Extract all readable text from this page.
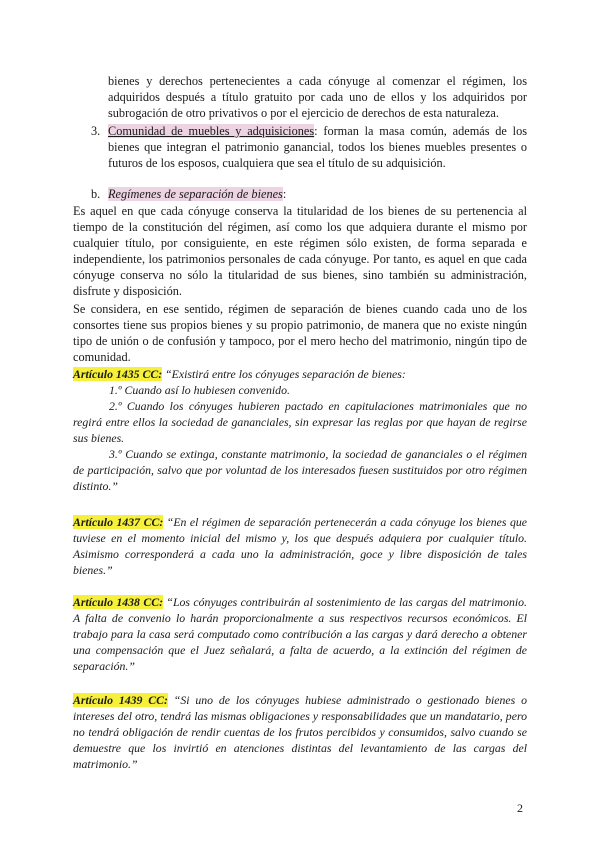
bienes y derechos pertenecientes a cada cónyuge al comenzar el régimen, los adquiridos después a título gratuito por cada uno de ellos y los adquiridos por subrogación de otro privativos o por el ejercicio de derechos de esta naturaleza.
3. Comunidad de muebles y adquisiciones: forman la masa común, además de los bienes que integran el patrimonio ganancial, todos los bienes muebles presentes o futuros de los esposos, cualquiera que sea el título de su adquisición.
b. Regímenes de separación de bienes:
Es aquel en que cada cónyuge conserva la titularidad de los bienes de su pertenencia al tiempo de la constitución del régimen, así como los que adquiera durante el mismo por cualquier título, por consiguiente, en este régimen sólo existen, de forma separada e independiente, los patrimonios personales de cada cónyuge. Por tanto, es aquel en que cada cónyuge conserva no sólo la titularidad de sus bienes, sino también su administración, disfrute y disposición.
Se considera, en ese sentido, régimen de separación de bienes cuando cada uno de los consortes tiene sus propios bienes y su propio patrimonio, de manera que no existe ningún tipo de unión o de confusión y tampoco, por el mero hecho del matrimonio, ningún tipo de comunidad.
Artículo 1435 CC: “Existirá entre los cónyuges separación de bienes:
1.º Cuando así lo hubiesen convenido.
2.º Cuando los cónyuges hubieren pactado en capitulaciones matrimoniales que no regirá entre ellos la sociedad de gananciales, sin expresar las reglas por que hayan de regirse sus bienes.
3.º Cuando se extinga, constante matrimonio, la sociedad de gananciales o el régimen de participación, salvo que por voluntad de los interesados fuesen sustituidos por otro régimen distinto.”
Artículo 1437 CC: “En el régimen de separación pertenecerán a cada cónyuge los bienes que tuviese en el momento inicial del mismo y, los que después adquiera por cualquier título. Asimismo corresponderá a cada uno la administración, goce y libre disposición de tales bienes.”
Artículo 1438 CC: “Los cónyuges contribuirán al sostenimiento de las cargas del matrimonio. A falta de convenio lo harán proporcionalmente a sus respectivos recursos económicos. El trabajo para la casa será computado como contribución a las cargas y dará derecho a obtener una compensación que el Juez señalará, a falta de acuerdo, a la extinción del régimen de separación.”
Artículo 1439 CC: “Si uno de los cónyuges hubiese administrado o gestionado bienes o intereses del otro, tendrá las mismas obligaciones y responsabilidades que un mandatario, pero no tendrá obligación de rendir cuentas de los frutos percibidos y consumidos, salvo cuando se demuestre que los invirtió en atenciones distintas del levantamiento de las cargas del matrimonio.”
2
